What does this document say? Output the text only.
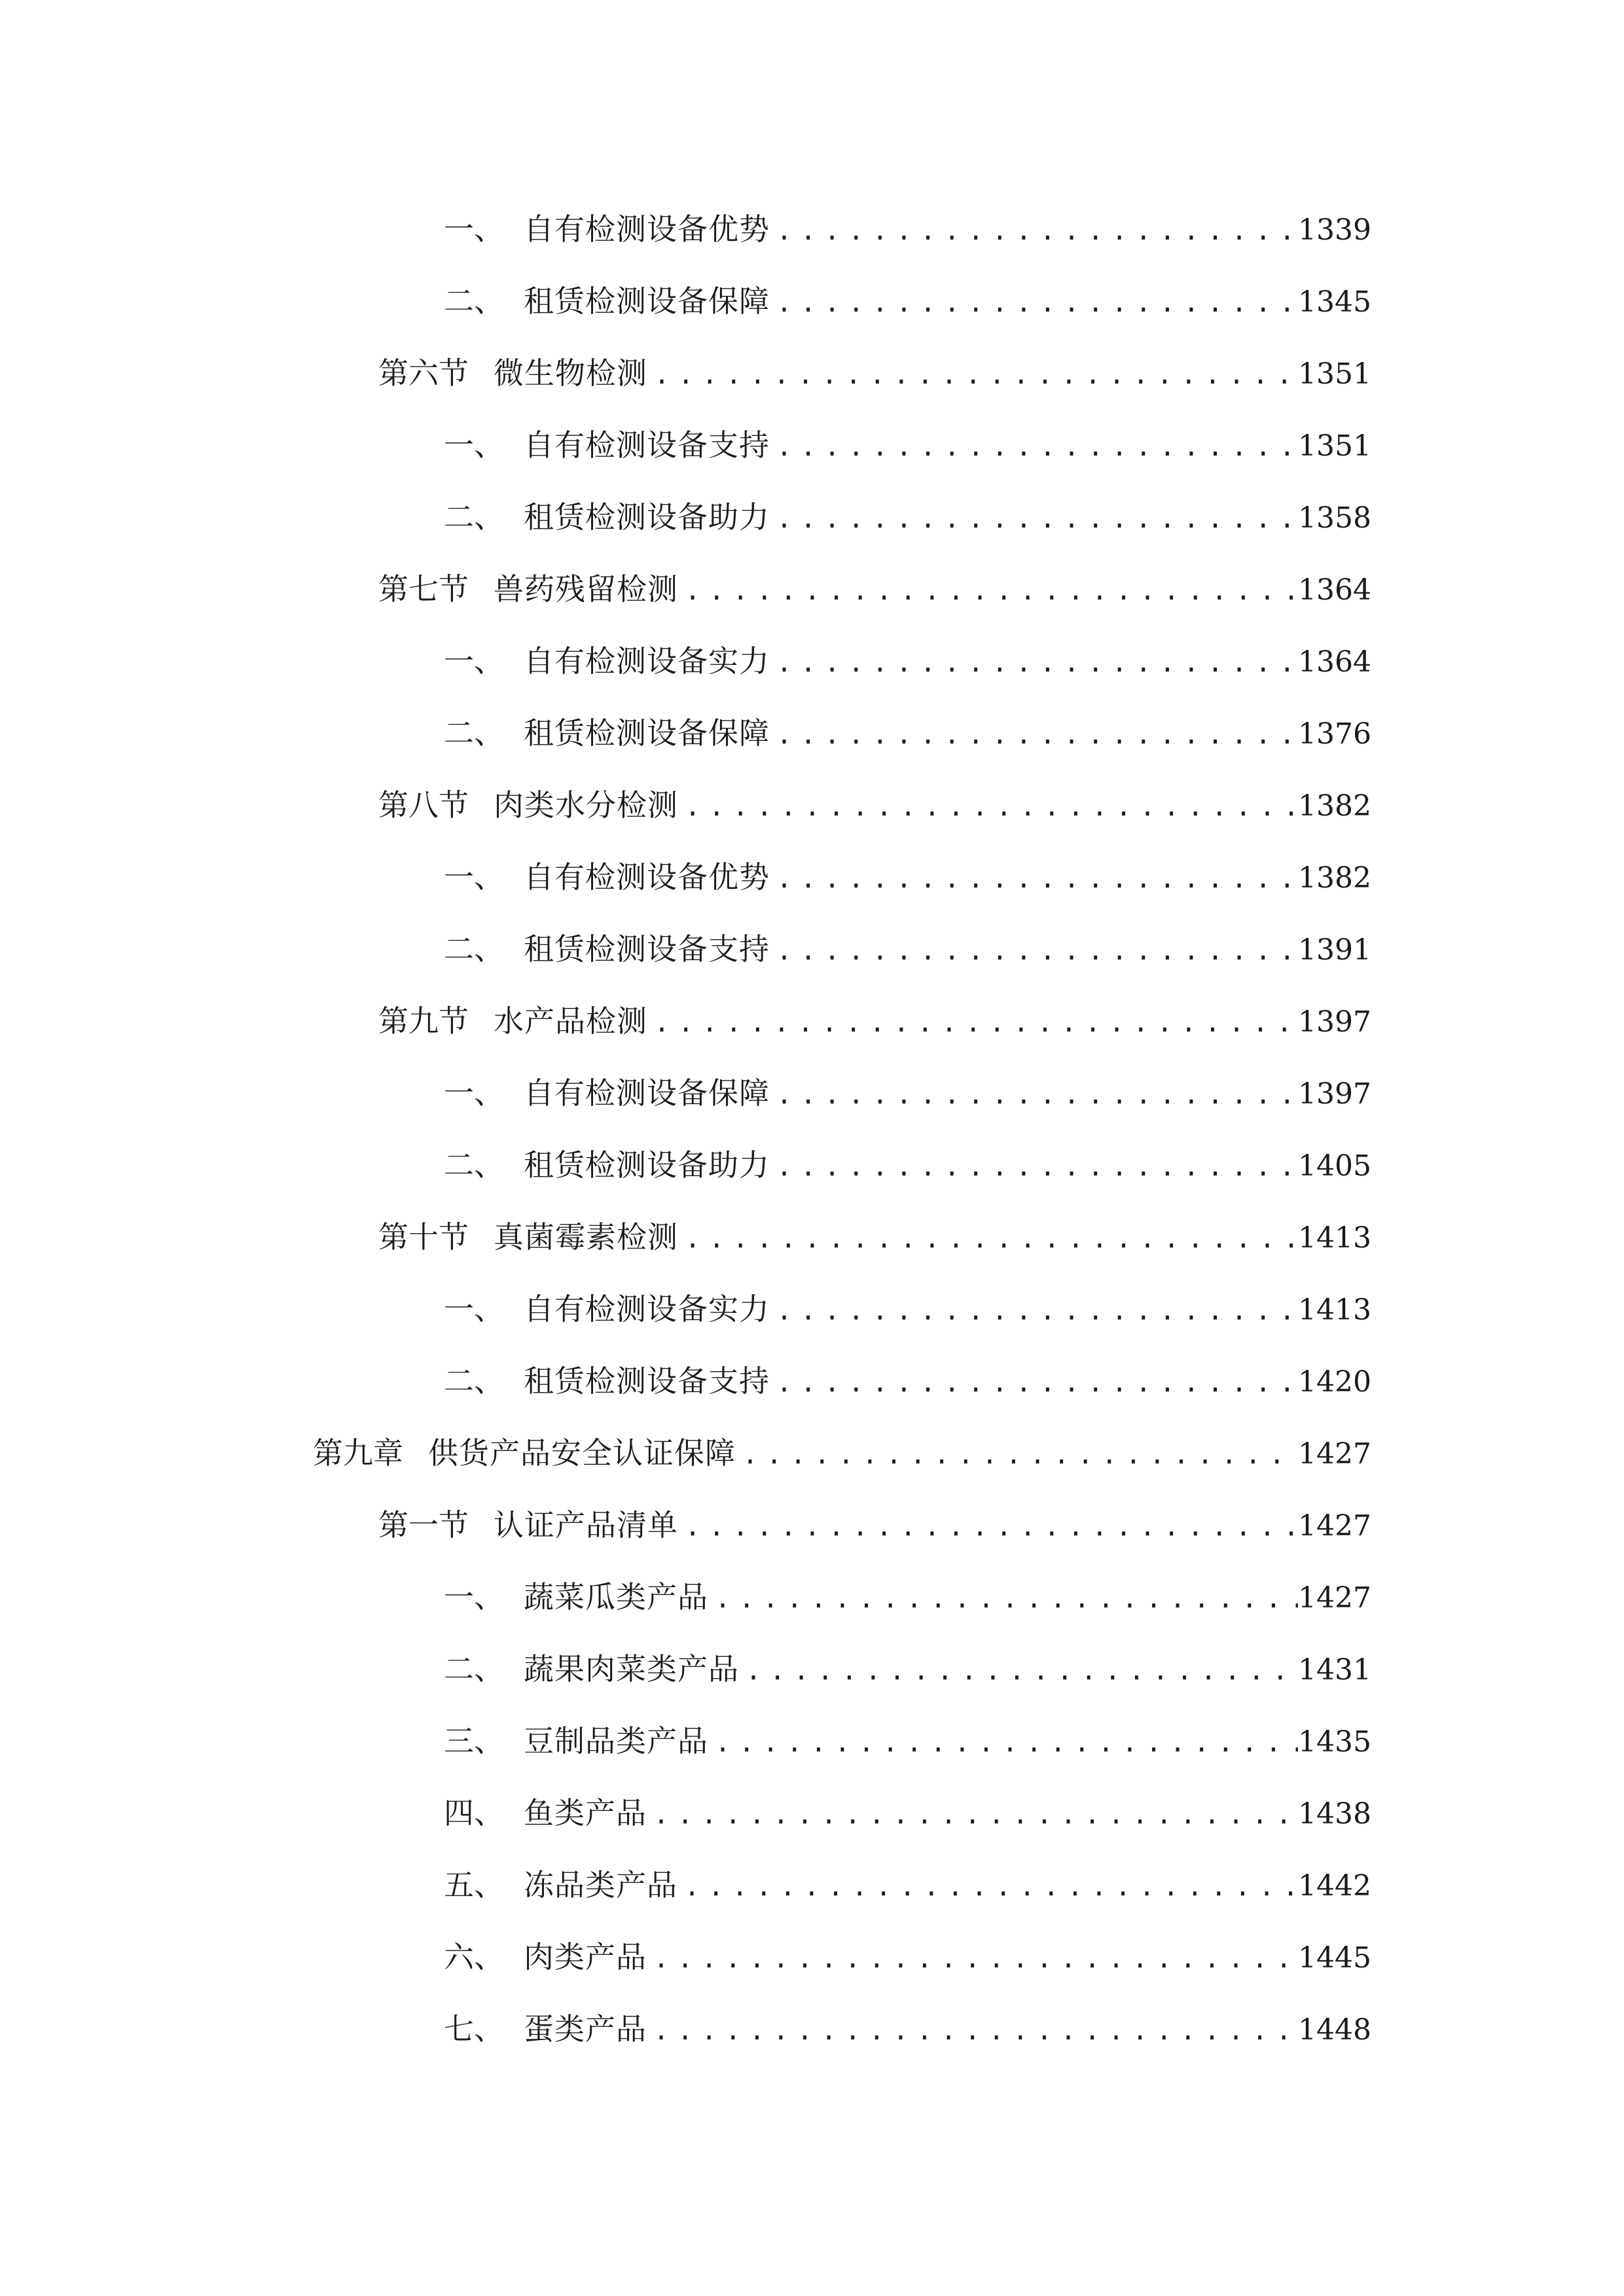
一、 自有检测设备优势 .....	1339
二、 租赁检测设备保障 .....	1345
第六节 微生物检测 .....	1351
一、 自有检测设备支持 .....	1351
二、 租赁检测设备助力 .....	1358
第七节 兽药残留检测 .....	1364
一、 自有检测设备实力 .....	1364
二、 租赁检测设备保障 .....	1376
第八节 肉类水分检测 .....	1382
一、 自有检测设备优势 .....	1382
二、 租赁检测设备支持 .....	1391
第九节 水产品检测 .....	1397
一、 自有检测设备保障 .....	1397
二、 租赁检测设备助力 .....	1405
第十节 真菌霉素检测 .....	1413
一、 自有检测设备实力 .....	1413
二、 租赁检测设备支持 .....	1420
第九章 供货产品安全认证保障 .....	1427
第一节 认证产品清单 .....	1427
一、 蔬菜瓜类产品 .....	1427
二、 蔬果肉菜类产品 .....	1431
三、 豆制品类产品 .....	1435
四、 鱼类产品 .....	1438
五、 冻品类产品 .....	1442
六、 肉类产品 .....	1445
七、 蛋类产品 .....	1448
